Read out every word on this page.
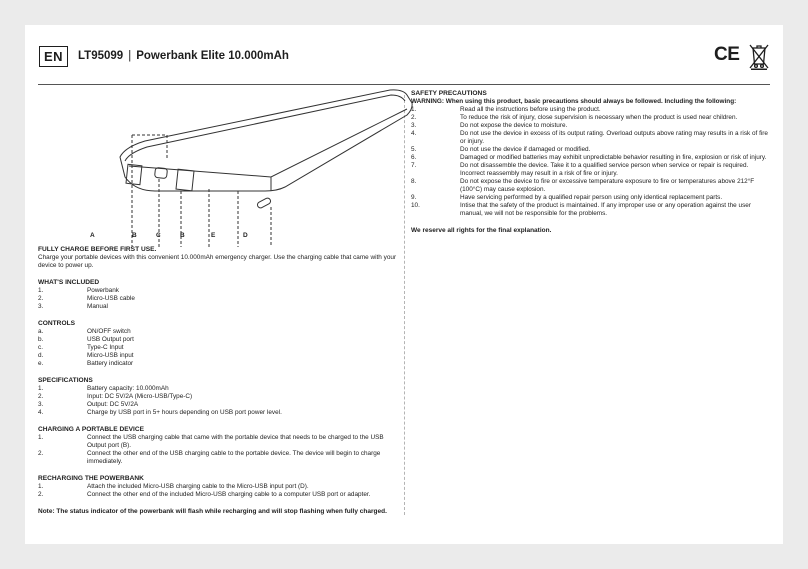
EN	LT95099 | Powerbank Elite 10.000mAh	CE
A	B	C	B	E	D

FULLY CHARGE BEFORE FIRST USE.

Charge your portable devices with this convenient 10.000mAh emergency charger. Use the charging cable that came with your device to power up.

WHAT'S INCLUDED

1.	Powerbank
2.	Micro-USB cable
3.	Manual

CONTROLS

a.	ON/OFF switch
b.	USB Output port
c.	Type-C Input
d.	Micro-USB input
e.	Battery indicator

SPECIFICATIONS

1.	Battery capacity: 10.000mAh
2.	Input: DC 5V/2A (Micro-USB/Type-C)
3.	Output: DC 5V/2A
4.	Charge by USB port in 5+ hours depending on USB port power level.

CHARGING A PORTABLE DEVICE

1.	Connect the USB charging cable that came with the portable device that needs to be charged to the USB Output port (B).
2.	Connect the other end of the USB charging cable to the portable device. The device will begin to charge immediately.

RECHARGING THE POWERBANK

1.	Attach the included Micro-USB charging cable to the Micro-USB input port (D).
2.	Connect the other end of the included Micro-USB charging cable to a computer USB port or adapter.

Note: The status indicator of the powerbank will flash while recharging and will stop flashing when fully charged.

SAFETY PRECAUTIONS

WARNING: When using this product, basic precautions should always be followed. Including the following:

1.	Read all the instructions before using the product.
2.	To reduce the risk of injury, close supervision is necessary when the product is used near children.
3.	Do not expose the device to moisture.
4.	Do not use the device in excess of its output rating. Overload outputs above rating may results in a risk of fire or injury.
5.	Do not use the device if damaged or modified.
6.	Damaged or modified batteries may exhibit unpredictable behavior resulting in fire, explosion or risk of injury.
7.	Do not disassemble the device. Take it to a qualified service person when service or repair is required. Incorrect reassembly may result in a risk of fire or injury.
8.	Do not expose the device to fire or excessive temperature exposure to fire or temperatures above 212°F (100°C) may cause explosion.
9.	Have servicing performed by a qualified repair person using only identical replacement parts.
10.	Intise that the safety of the product is maintained. If any improper use or any operation against the user manual, we will not be responsible for the problems.

We reserve all rights for the final explanation.
